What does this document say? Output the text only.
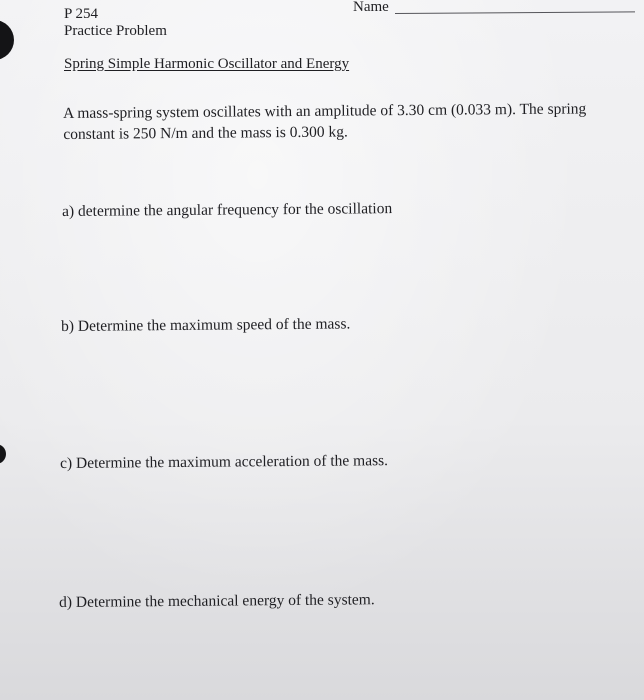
P 254
Practice Problem
Name
Spring Simple Harmonic Oscillator and Energy
A mass-spring system oscillates with an amplitude of 3.30 cm (0.033 m). The spring constant is 250 N/m and the mass is 0.300 kg.
a) determine the angular frequency for the oscillation
b) Determine the maximum speed of the mass.
c) Determine the maximum acceleration of the mass.
d) Determine the mechanical energy of the system.
